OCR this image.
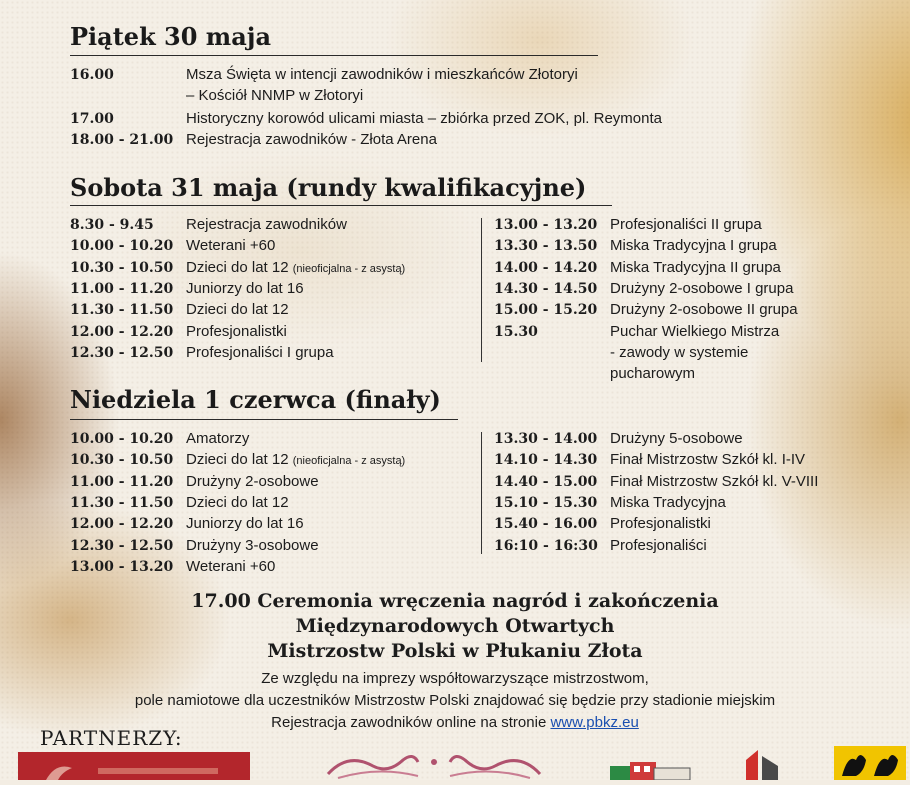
Piątek 30 maja
16.00	Msza Święta w intencji zawodników i mieszkańców Złotoryi
– Kościół NNMP w Złotoryi
17.00	Historyczny korowód ulicami miasta – zbiórka przed ZOK, pl. Reymonta
18.00 - 21.00 Rejestracja zawodników - Złota Arena
Sobota 31 maja (rundy kwalifikacyjne)
8.30 - 9.45 Rejestracja zawodników
10.00 - 10.20 Weterani +60
10.30 - 10.50 Dzieci do lat 12 (nieoficjalna - z asystą)
11.00 - 11.20 Juniorzy do lat 16
11.30 - 11.50 Dzieci do lat 12
12.00 - 12.20 Profesjonalistki
12.30 - 12.50 Profesjonaliści I grupa
13.00 - 13.20 Profesjonaliści II grupa
13.30 - 13.50 Miska Tradycyjna I grupa
14.00 - 14.20 Miska Tradycyjna II grupa
14.30 - 14.50 Drużyny 2-osobowe I grupa
15.00 - 15.20 Drużyny 2-osobowe II grupa
15.30	Puchar Wielkiego Mistrza
- zawody w systemie
pucharowym
Niedziela 1 czerwca (finały)
10.00 - 10.20 Amatorzy
10.30 - 10.50 Dzieci do lat 12 (nieoficjalna - z asystą)
11.00 - 11.20 Drużyny 2-osobowe
11.30 - 11.50 Dzieci do lat 12
12.00 - 12.20 Juniorzy do lat 16
12.30 - 12.50 Drużyny 3-osobowe
13.00 - 13.20 Weterani +60
13.30 - 14.00 Drużyny 5-osobowe
14.10 - 14.30 Finał Mistrzostw Szkół kl. I-IV
14.40 - 15.00 Finał Mistrzostw Szkół kl. V-VIII
15.10 - 15.30 Miska Tradycyjna
15.40 - 16.00 Profesjonalistki
16:10 - 16:30 Profesjonaliści
17.00 Ceremonia wręczenia nagród i zakończenia
Międzynarodowych Otwartych
Mistrzostw Polski w Płukaniu Złota
Ze względu na imprezy współtowarzyszące mistrzostwom,
pole namiotowe dla uczestników Mistrzostw Polski znajdować się będzie przy stadionie miejskim
Rejestracja zawodników online na stronie www.pbkz.eu
PARTNERZY:
